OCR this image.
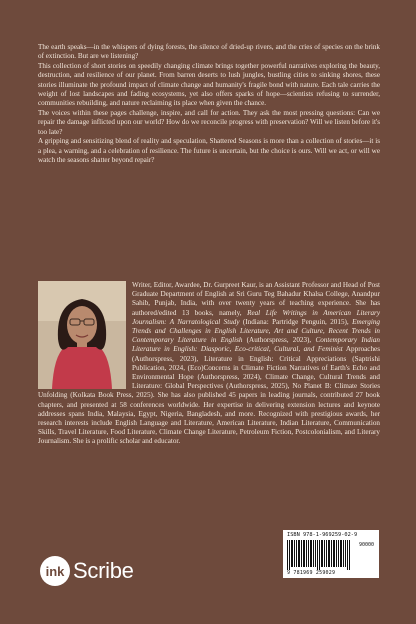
The earth speaks—in the whispers of dying forests, the silence of dried-up rivers, and the cries of species on the brink of extinction. But are we listening?

This collection of short stories on speedily changing climate brings together powerful narratives exploring the beauty, destruction, and resilience of our planet. From barren deserts to lush jungles, bustling cities to sinking shores, these stories illuminate the profound impact of climate change and humanity's fragile bond with nature. Each tale carries the weight of lost landscapes and fading ecosystems, yet also offers sparks of hope—scientists refusing to surrender, communities rebuilding, and nature reclaiming its place when given the chance.

The voices within these pages challenge, inspire, and call for action. They ask the most pressing questions: Can we repair the damage inflicted upon our world? How do we reconcile progress with preservation? Will we listen before it's too late?

A gripping and sensitizing blend of reality and speculation, Shattered Seasons is more than a collection of stories—it is a plea, a warning, and a celebration of resilience. The future is uncertain, but the choice is ours. Will we act, or will we watch the seasons shatter beyond repair?

Writer, Editor, Awardee, Dr. Gurpreet Kaur, is an Assistant Professor and Head of Post Graduate Department of English at Sri Guru Teg Bahadur Khalsa College, Anandpur Sahib, Punjab, India, with over twenty years of teaching experience. She has authored/edited 13 books, namely, Real Life Writings in American Literary Journalism: A Narratological Study (Indiana: Partridge Penguin, 2015), Emerging Trends and Challenges in English Literature, Art and Culture, Recent Trends in Contemporary Literature in English (Authorspress, 2023), Contemporary Indian Literature in English: Diasporic, Eco-critical, Cultural, and Feminist Approaches (Authorspress, 2023), Literature in English: Critical Appreciations (Saptrishi Publication, 2024, (Eco)Concerns in Climate Fiction Narratives of Earth's Echo and Environmental Hope (Authorspress, 2024), Climate Change, Cultural Trends and Literature: Global Perspectives (Authorspress, 2025), No Planet B: Climate Stories Unfolding (Kolkata Book Press, 2025). She has also published 45 papers in leading journals, contributed 27 book chapters, and presented at 58 conferences worldwide. Her expertise in delivering extension lectures and keynote addresses spans India, Malaysia, Egypt, Nigeria, Bangladesh, and more. Recognized with prestigious awards, her research interests include English Language and Literature, American Literature, Indian Literature, Communication Skills, Travel Literature, Food Literature, Climate Change Literature, Petroleum Fiction, Postcolonialism, and Literary Journalism. She is a prolific scholar and educator.
ISBN 978-1-969259-02-9
90000
9 781969 259029
ink Scribe
